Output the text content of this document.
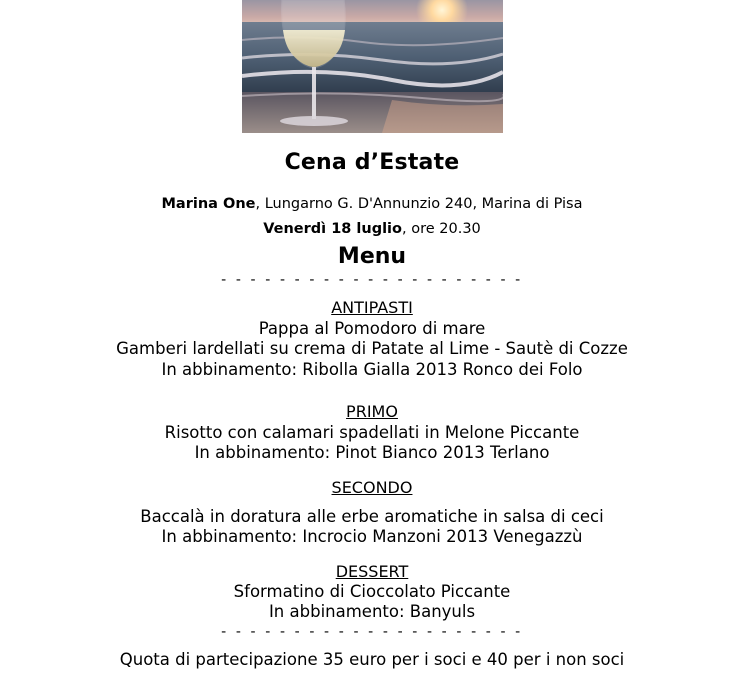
Cena d’Estate
Marina One, Lungarno G. D'Annunzio 240, Marina di Pisa
Venerdì 18 luglio, ore 20.30
Menu
- - - - - - - - - - - - - - - - - - - - -
ANTIPASTI
Pappa al Pomodoro di mare
Gamberi lardellati su crema di Patate al Lime - Sautè di Cozze
In abbinamento: Ribolla Gialla 2013 Ronco dei Folo
PRIMO
Risotto con calamari spadellati in Melone Piccante
In abbinamento: Pinot Bianco 2013 Terlano
SECONDO
Baccalà in doratura alle erbe aromatiche in salsa di ceci
In abbinamento: Incrocio Manzoni 2013 Venegazzù
DESSERT
Sformatino di Cioccolato Piccante
In abbinamento: Banyuls
- - - - - - - - - - - - - - - - - - - - -
Quota di partecipazione 35 euro per i soci e 40 per i non soci
